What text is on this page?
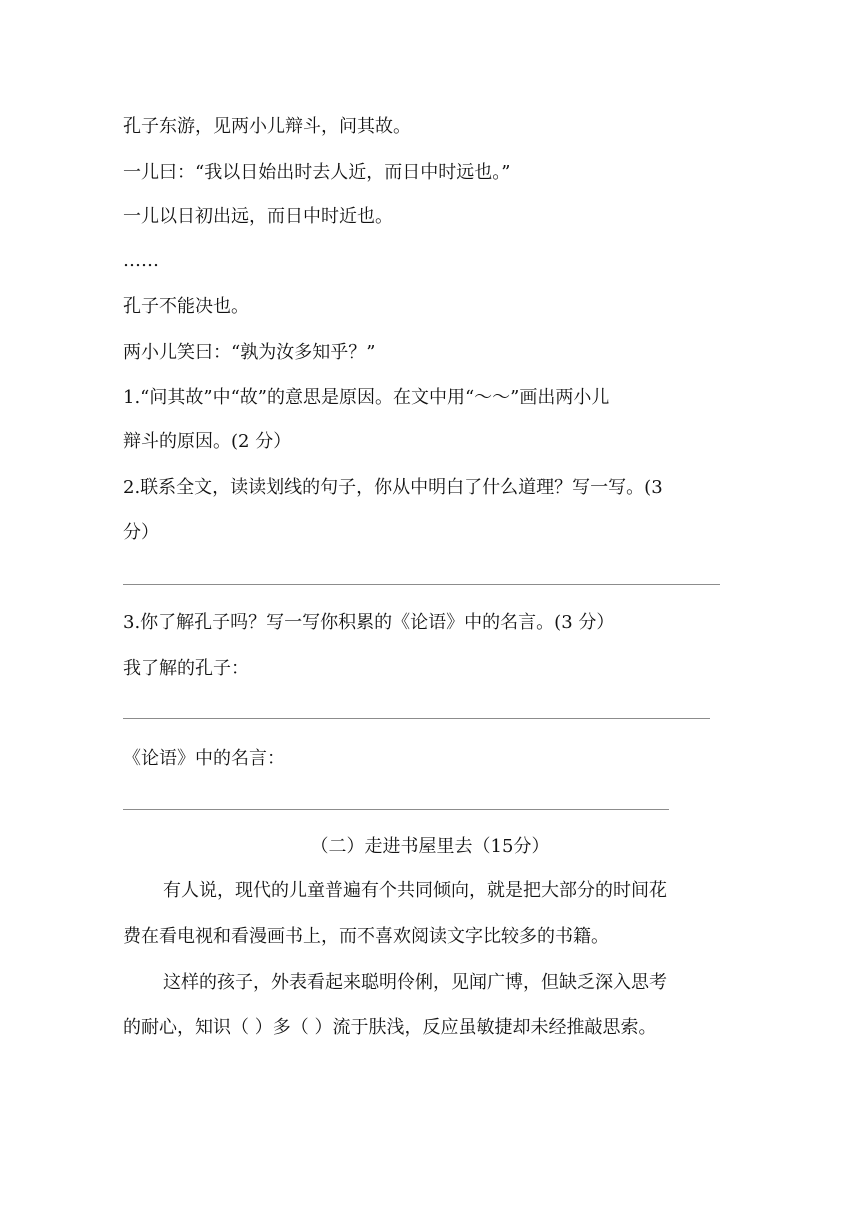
孔子东游，见两小儿辩斗，问其故。
一儿曰：“我以日始出时去人近，而日中时远也。”
一儿以日初出远，而日中时近也。
……
孔子不能决也。
两小儿笑曰：“孰为汝多知乎？”
1.“问其故”中“故”的意思是原因。在文中用“～～”画出两小儿
辩斗的原因。(2 分）
2.联系全文，读读划线的句子，你从中明白了什么道理？写一写。(3
分）
3.你了解孔子吗？写一写你积累的《论语》中的名言。(3 分）
我了解的孔子：
《论语》中的名言：
（二）走进书屋里去（15分）
有人说，现代的儿童普遍有个共同倾向，就是把大部分的时间花
费在看电视和看漫画书上，而不喜欢阅读文字比较多的书籍。
这样的孩子，外表看起来聪明伶俐，见闻广博，但缺乏深入思考
的耐心，知识（ ）多（ ）流于肤浅，反应虽敏捷却未经推敲思索。
